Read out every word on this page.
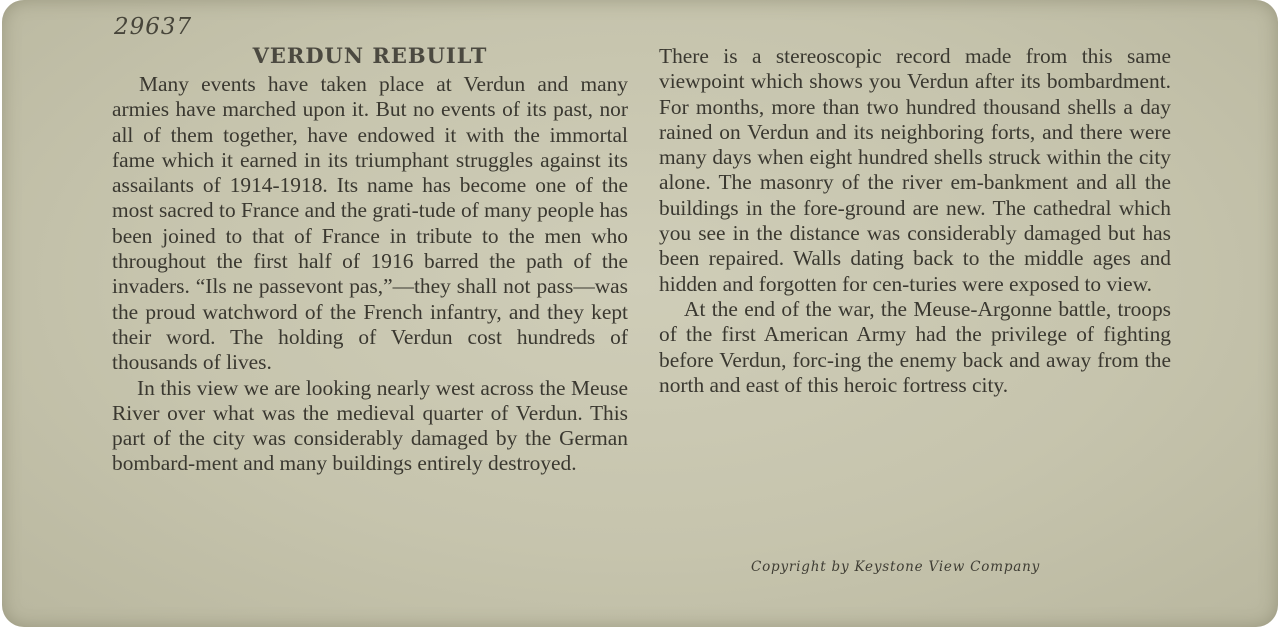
29637
VERDUN REBUILT

Many events have taken place at Verdun and many armies have marched upon it. But no events of its past, nor all of them together, have endowed it with the immortal fame which it earned in its triumphant struggles against its assailants of 1914-1918. Its name has become one of the most sacred to France and the grati-tude of many people has been joined to that of France in tribute to the men who throughout the first half of 1916 barred the path of the invaders. “Ils ne passevont pas,”—they shall not pass—was the proud watchword of the French infantry, and they kept their word. The holding of Verdun cost hundreds of thousands of lives.

In this view we are looking nearly west across the Meuse River over what was the medieval quarter of Verdun. This part of the city was considerably damaged by the German bombard-ment and many buildings entirely destroyed.

There is a stereoscopic record made from this same viewpoint which shows you Verdun after its bombardment. For months, more than two hundred thousand shells a day rained on Verdun and its neighboring forts, and there were many days when eight hundred shells struck within the city alone. The masonry of the river em-bankment and all the buildings in the fore-ground are new. The cathedral which you see in the distance was considerably damaged but has been repaired. Walls dating back to the middle ages and hidden and forgotten for cen-turies were exposed to view.

At the end of the war, the Meuse-Argonne battle, troops of the first American Army had the privilege of fighting before Verdun, forc-ing the enemy back and away from the north and east of this heroic fortress city.

Copyright by Keystone View Company
